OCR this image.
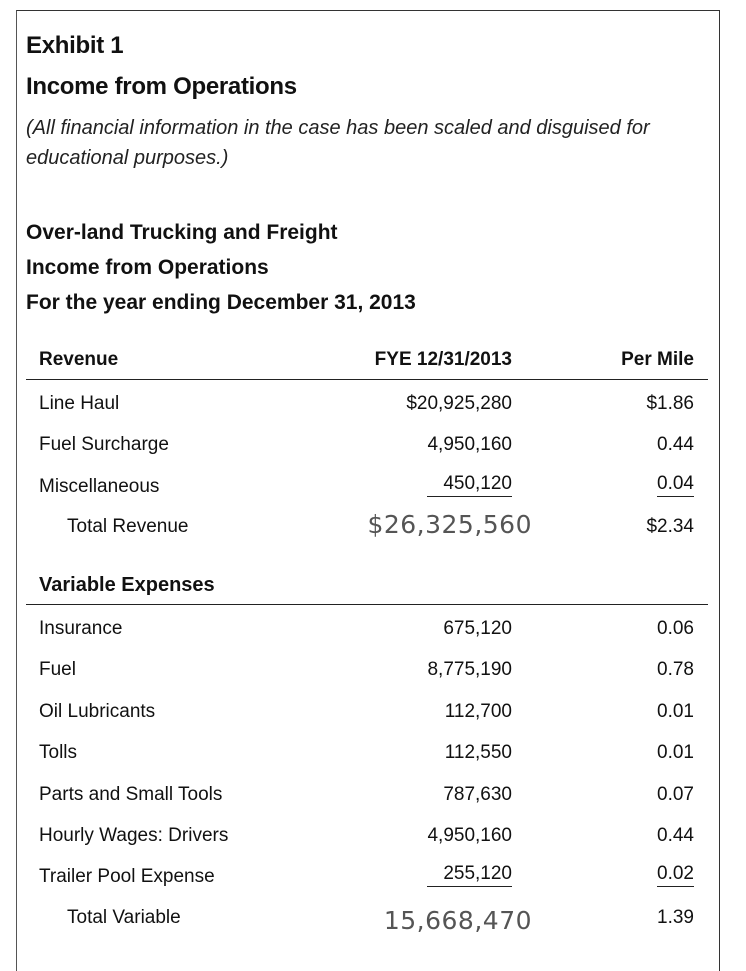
Exhibit 1
Income from Operations
(All financial information in the case has been scaled and disguised for educational purposes.)
Over-land Trucking and Freight
Income from Operations
For the year ending December 31, 2013
Revenue	FYE 12/31/2013	Per Mile
Line Haul	$20,925,280	$1.86
Fuel Surcharge	4,950,160	0.44
Miscellaneous	450,120	0.04
Total Revenue	$26,325,560	$2.34
Variable Expenses
Insurance	675,120	0.06
Fuel	8,775,190	0.78
Oil Lubricants	112,700	0.01
Tolls	112,550	0.01
Parts and Small Tools	787,630	0.07
Hourly Wages: Drivers	4,950,160	0.44
Trailer Pool Expense	255,120	0.02
Total Variable	15,668,470	1.39
